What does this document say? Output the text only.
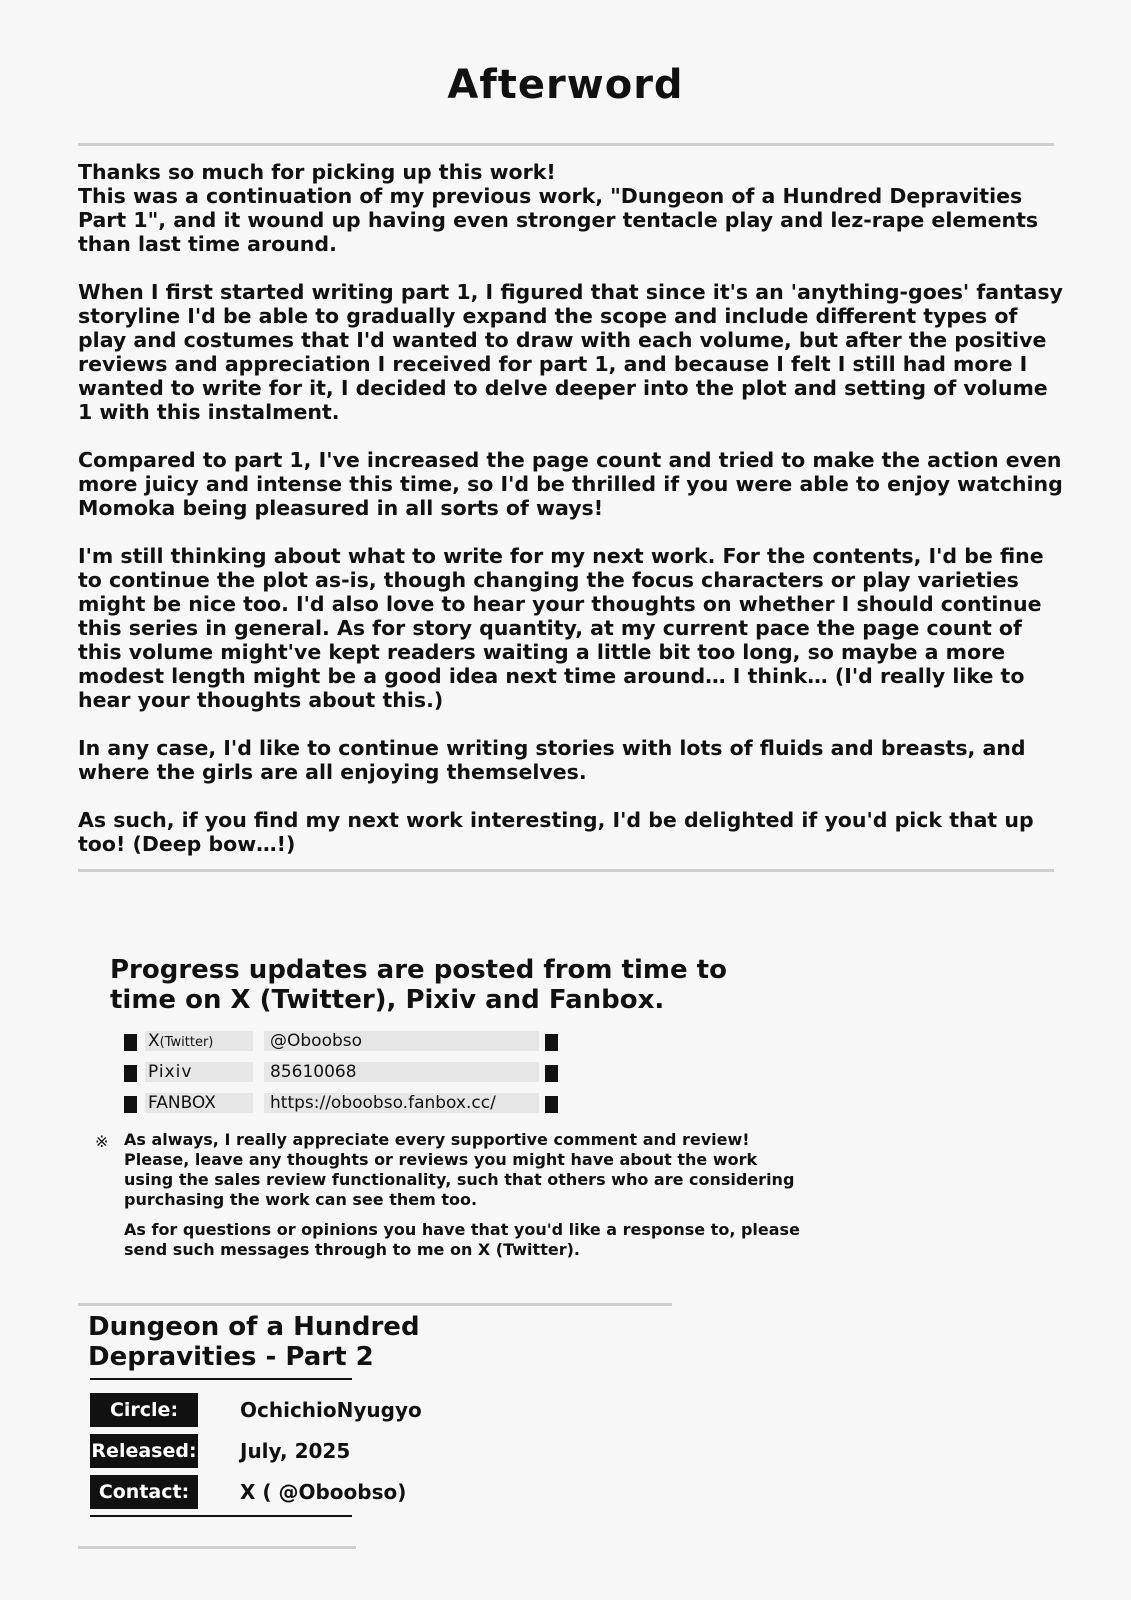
Afterword

Thanks so much for picking up this work!
This was a continuation of my previous work, "Dungeon of a Hundred Depravities Part 1", and it wound up having even stronger tentacle play and lez-rape elements than last time around.

When I first started writing part 1, I figured that since it's an 'anything-goes' fantasy storyline I'd be able to gradually expand the scope and include different types of play and costumes that I'd wanted to draw with each volume, but after the positive reviews and appreciation I received for part 1, and because I felt I still had more I wanted to write for it, I decided to delve deeper into the plot and setting of volume 1 with this instalment.

Compared to part 1, I've increased the page count and tried to make the action even more juicy and intense this time, so I'd be thrilled if you were able to enjoy watching Momoka being pleasured in all sorts of ways!

I'm still thinking about what to write for my next work. For the contents, I'd be fine to continue the plot as-is, though changing the focus characters or play varieties might be nice too. I'd also love to hear your thoughts on whether I should continue this series in general. As for story quantity, at my current pace the page count of this volume might've kept readers waiting a little bit too long, so maybe a more modest length might be a good idea next time around… I think… (I'd really like to hear your thoughts about this.)

In any case, I'd like to continue writing stories with lots of fluids and breasts, and where the girls are all enjoying themselves.

As such, if you find my next work interesting, I'd be delighted if you'd pick that up too! (Deep bow…!)

Progress updates are posted from time to time on X (Twitter), Pixiv and Fanbox.
X(Twitter)	@Oboobso
Pixiv	85610068
FANBOX	https://oboobso.fanbox.cc/
※ As always, I really appreciate every supportive comment and review! Please, leave any thoughts or reviews you might have about the work using the sales review functionality, such that others who are considering purchasing the work can see them too.

As for questions or opinions you have that you'd like a response to, please send such messages through to me on X (Twitter).

Dungeon of a Hundred Depravities - Part 2
Circle:	OchichioNyugyo
Released: July, 2025
Contact:	X ( @Oboobso)
